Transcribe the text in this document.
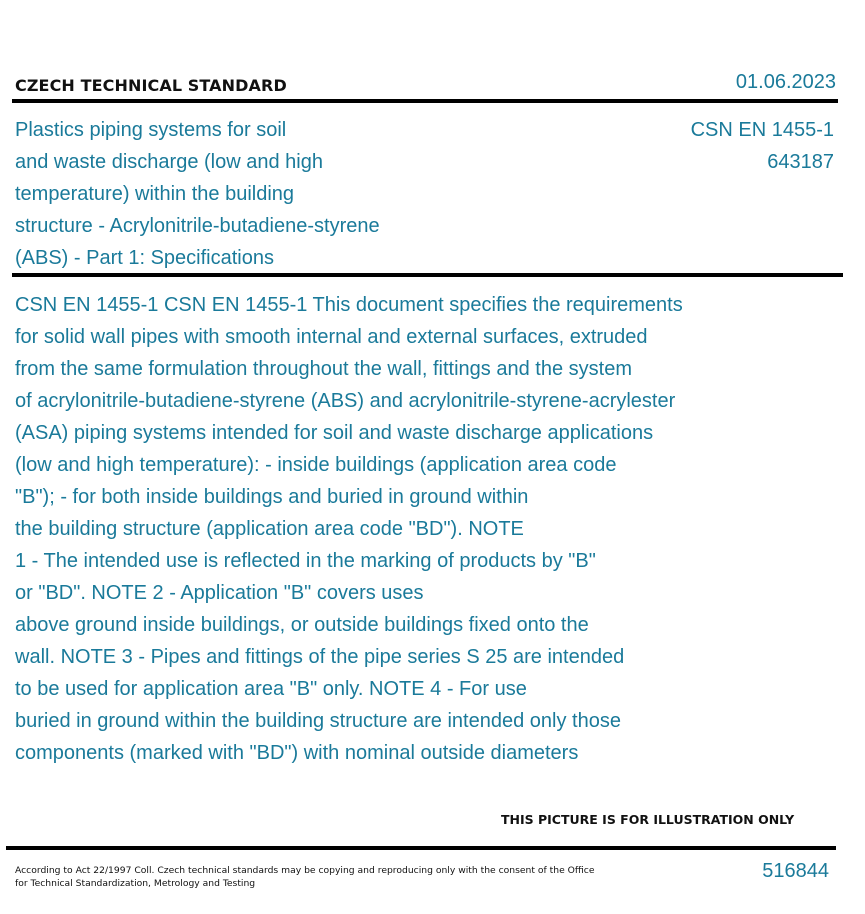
CZECH TECHNICAL STANDARD	01.06.2023
Plastics piping systems for soil
and waste discharge (low and high
temperature) within the building
structure - Acrylonitrile-butadiene-styrene
(ABS) - Part 1: Specifications
CSN EN 1455-1
643187
CSN EN 1455-1 CSN EN 1455-1 This document specifies the requirements
for solid wall pipes with smooth internal and external surfaces, extruded
from the same formulation throughout the wall, fittings and the system
of acrylonitrile-butadiene-styrene (ABS) and acrylonitrile-styrene-acrylester
(ASA) piping systems intended for soil and waste discharge applications
(low and high temperature): - inside buildings (application area code
"B"); - for both inside buildings and buried in ground within
the building structure (application area code "BD"). NOTE
1 - The intended use is reflected in the marking of products by "B"
or "BD". NOTE 2 - Application "B" covers uses
above ground inside buildings, or outside buildings fixed onto the
wall. NOTE 3 - Pipes and fittings of the pipe series S 25 are intended
to be used for application area "B" only. NOTE 4 - For use
buried in ground within the building structure are intended only those
components (marked with "BD") with nominal outside diameters
THIS PICTURE IS FOR ILLUSTRATION ONLY
According to Act 22/1997 Coll. Czech technical standards may be copying and reproducing only with the consent of the Office
for Technical Standardization, Metrology and Testing
516844
